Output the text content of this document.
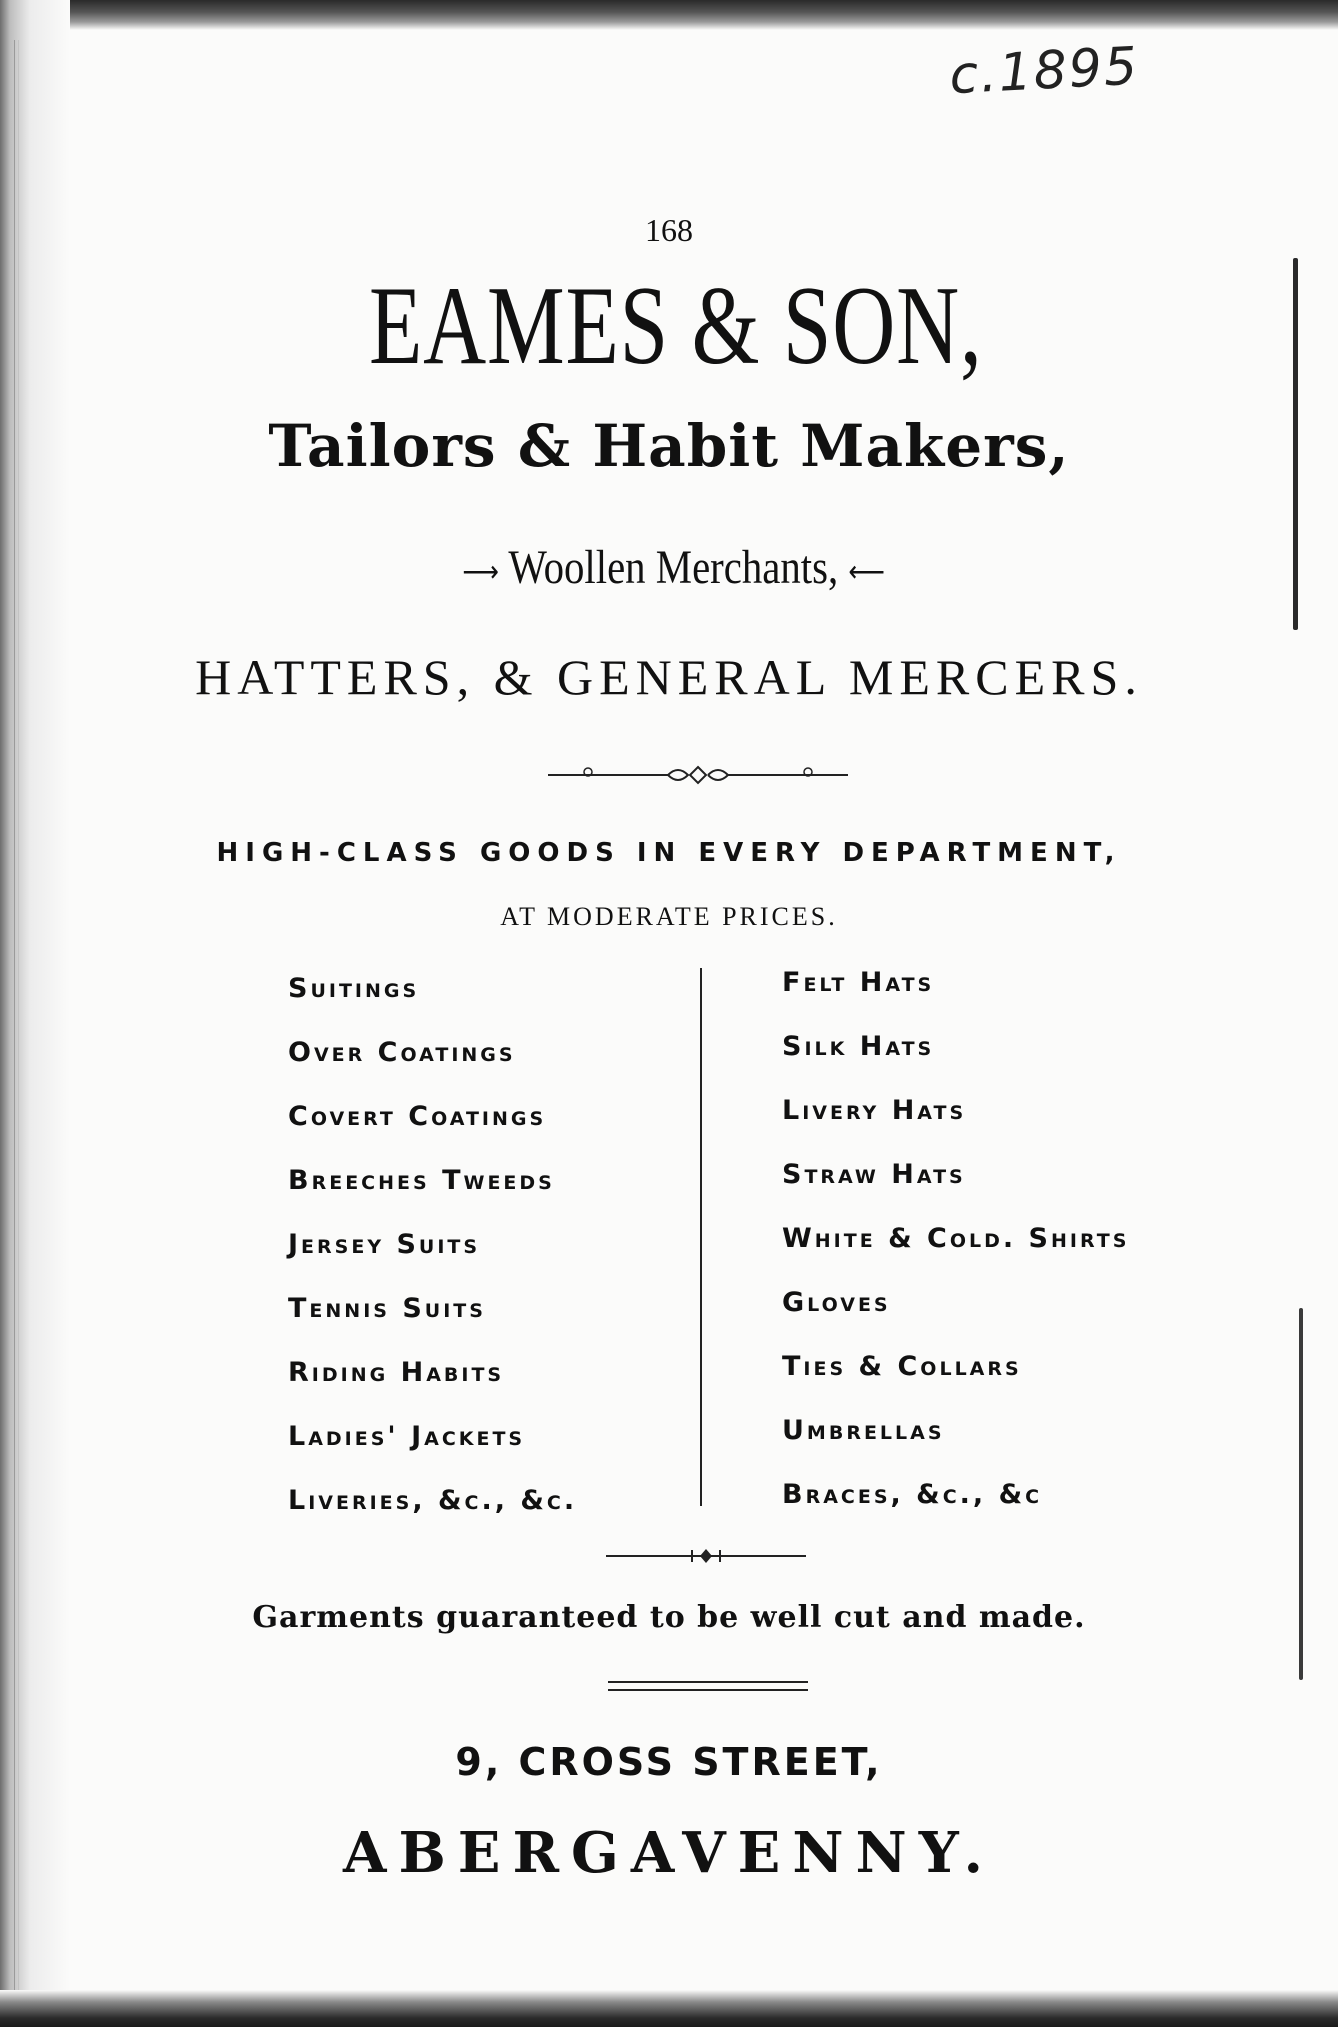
c.1895
168
EAMES & SON,
Tailors & Habit Makers,
⟶ Woollen Merchants, ⟵
HATTERS, & GENERAL MERCERS.
HIGH-CLASS GOODS IN EVERY DEPARTMENT,
AT MODERATE PRICES.
Suitings
Over Coatings
Covert Coatings
Breeches Tweeds
Jersey Suits
Tennis Suits
Riding Habits
Ladies' Jackets
Liveries, &c., &c.
Felt Hats
Silk Hats
Livery Hats
Straw Hats
White & Cold. Shirts
Gloves
Ties & Collars
Umbrellas
Braces, &c., &c
Garments guaranteed to be well cut and made.
9, CROSS STREET,
ABERGAVENNY.
